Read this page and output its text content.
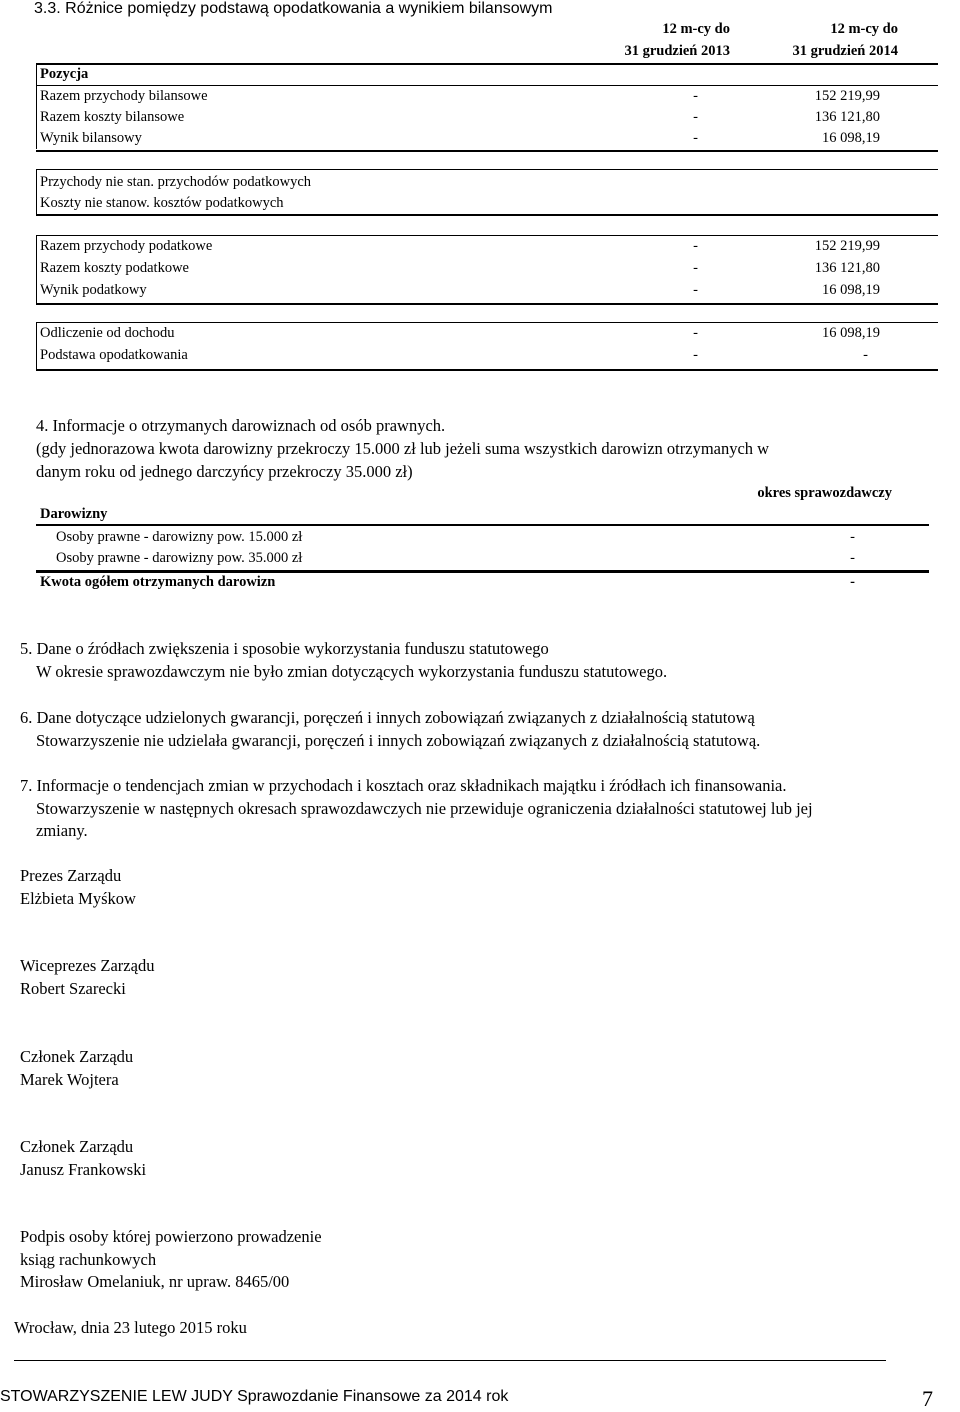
3.3. Różnice pomiędzy podstawą opodatkowania a wynikiem bilansowym
12 m-cy do
31 grudzień 2013
12 m-cy do
31 grudzień 2014
Pozycja
Razem przychody bilansowe	-	152 219,99
Razem koszty bilansowe	-	136 121,80
Wynik bilansowy	-	16 098,19
Przychody nie stan. przychodów podatkowych
Koszty nie stanow. kosztów podatkowych
Razem przychody podatkowe	-	152 219,99
Razem koszty podatkowe	-	136 121,80
Wynik podatkowy	-	16 098,19
Odliczenie od dochodu	-	16 098,19
Podstawa opodatkowania	-	-
4. Informacje o otrzymanych darowiznach od osób prawnych.
(gdy jednorazowa kwota darowizny przekroczy 15.000 zł lub jeżeli suma wszystkich darowizn otrzymanych w
danym roku od jednego darczyńcy przekroczy 35.000 zł)
okres sprawozdawczy
Darowizny
Osoby prawne - darowizny pow. 15.000 zł	-
Osoby prawne - darowizny pow. 35.000 zł	-
Kwota ogółem otrzymanych darowizn	-
5. Dane o źródłach zwiększenia i sposobie wykorzystania funduszu statutowego
W okresie sprawozdawczym nie było zmian dotyczących wykorzystania funduszu statutowego.
6. Dane dotyczące udzielonych gwarancji, poręczeń i innych zobowiązań związanych z działalnością statutową
Stowarzyszenie nie udzielała gwarancji, poręczeń i innych zobowiązań związanych z działalnością statutową.
7. Informacje o tendencjach zmian w przychodach i kosztach oraz składnikach majątku i źródłach ich finansowania.
Stowarzyszenie w następnych okresach sprawozdawczych nie przewiduje ograniczenia działalności statutowej lub jej
zmiany.
Prezes Zarządu
Elżbieta Myśkow
Wiceprezes Zarządu
Robert Szarecki
Członek Zarządu
Marek Wojtera
Członek Zarządu
Janusz Frankowski
Podpis osoby której powierzono prowadzenie
ksiąg rachunkowych
Mirosław Omelaniuk, nr upraw. 8465/00
Wrocław, dnia 23 lutego 2015 roku
STOWARZYSZENIE LEW JUDY Sprawozdanie Finansowe za 2014 rok	7
